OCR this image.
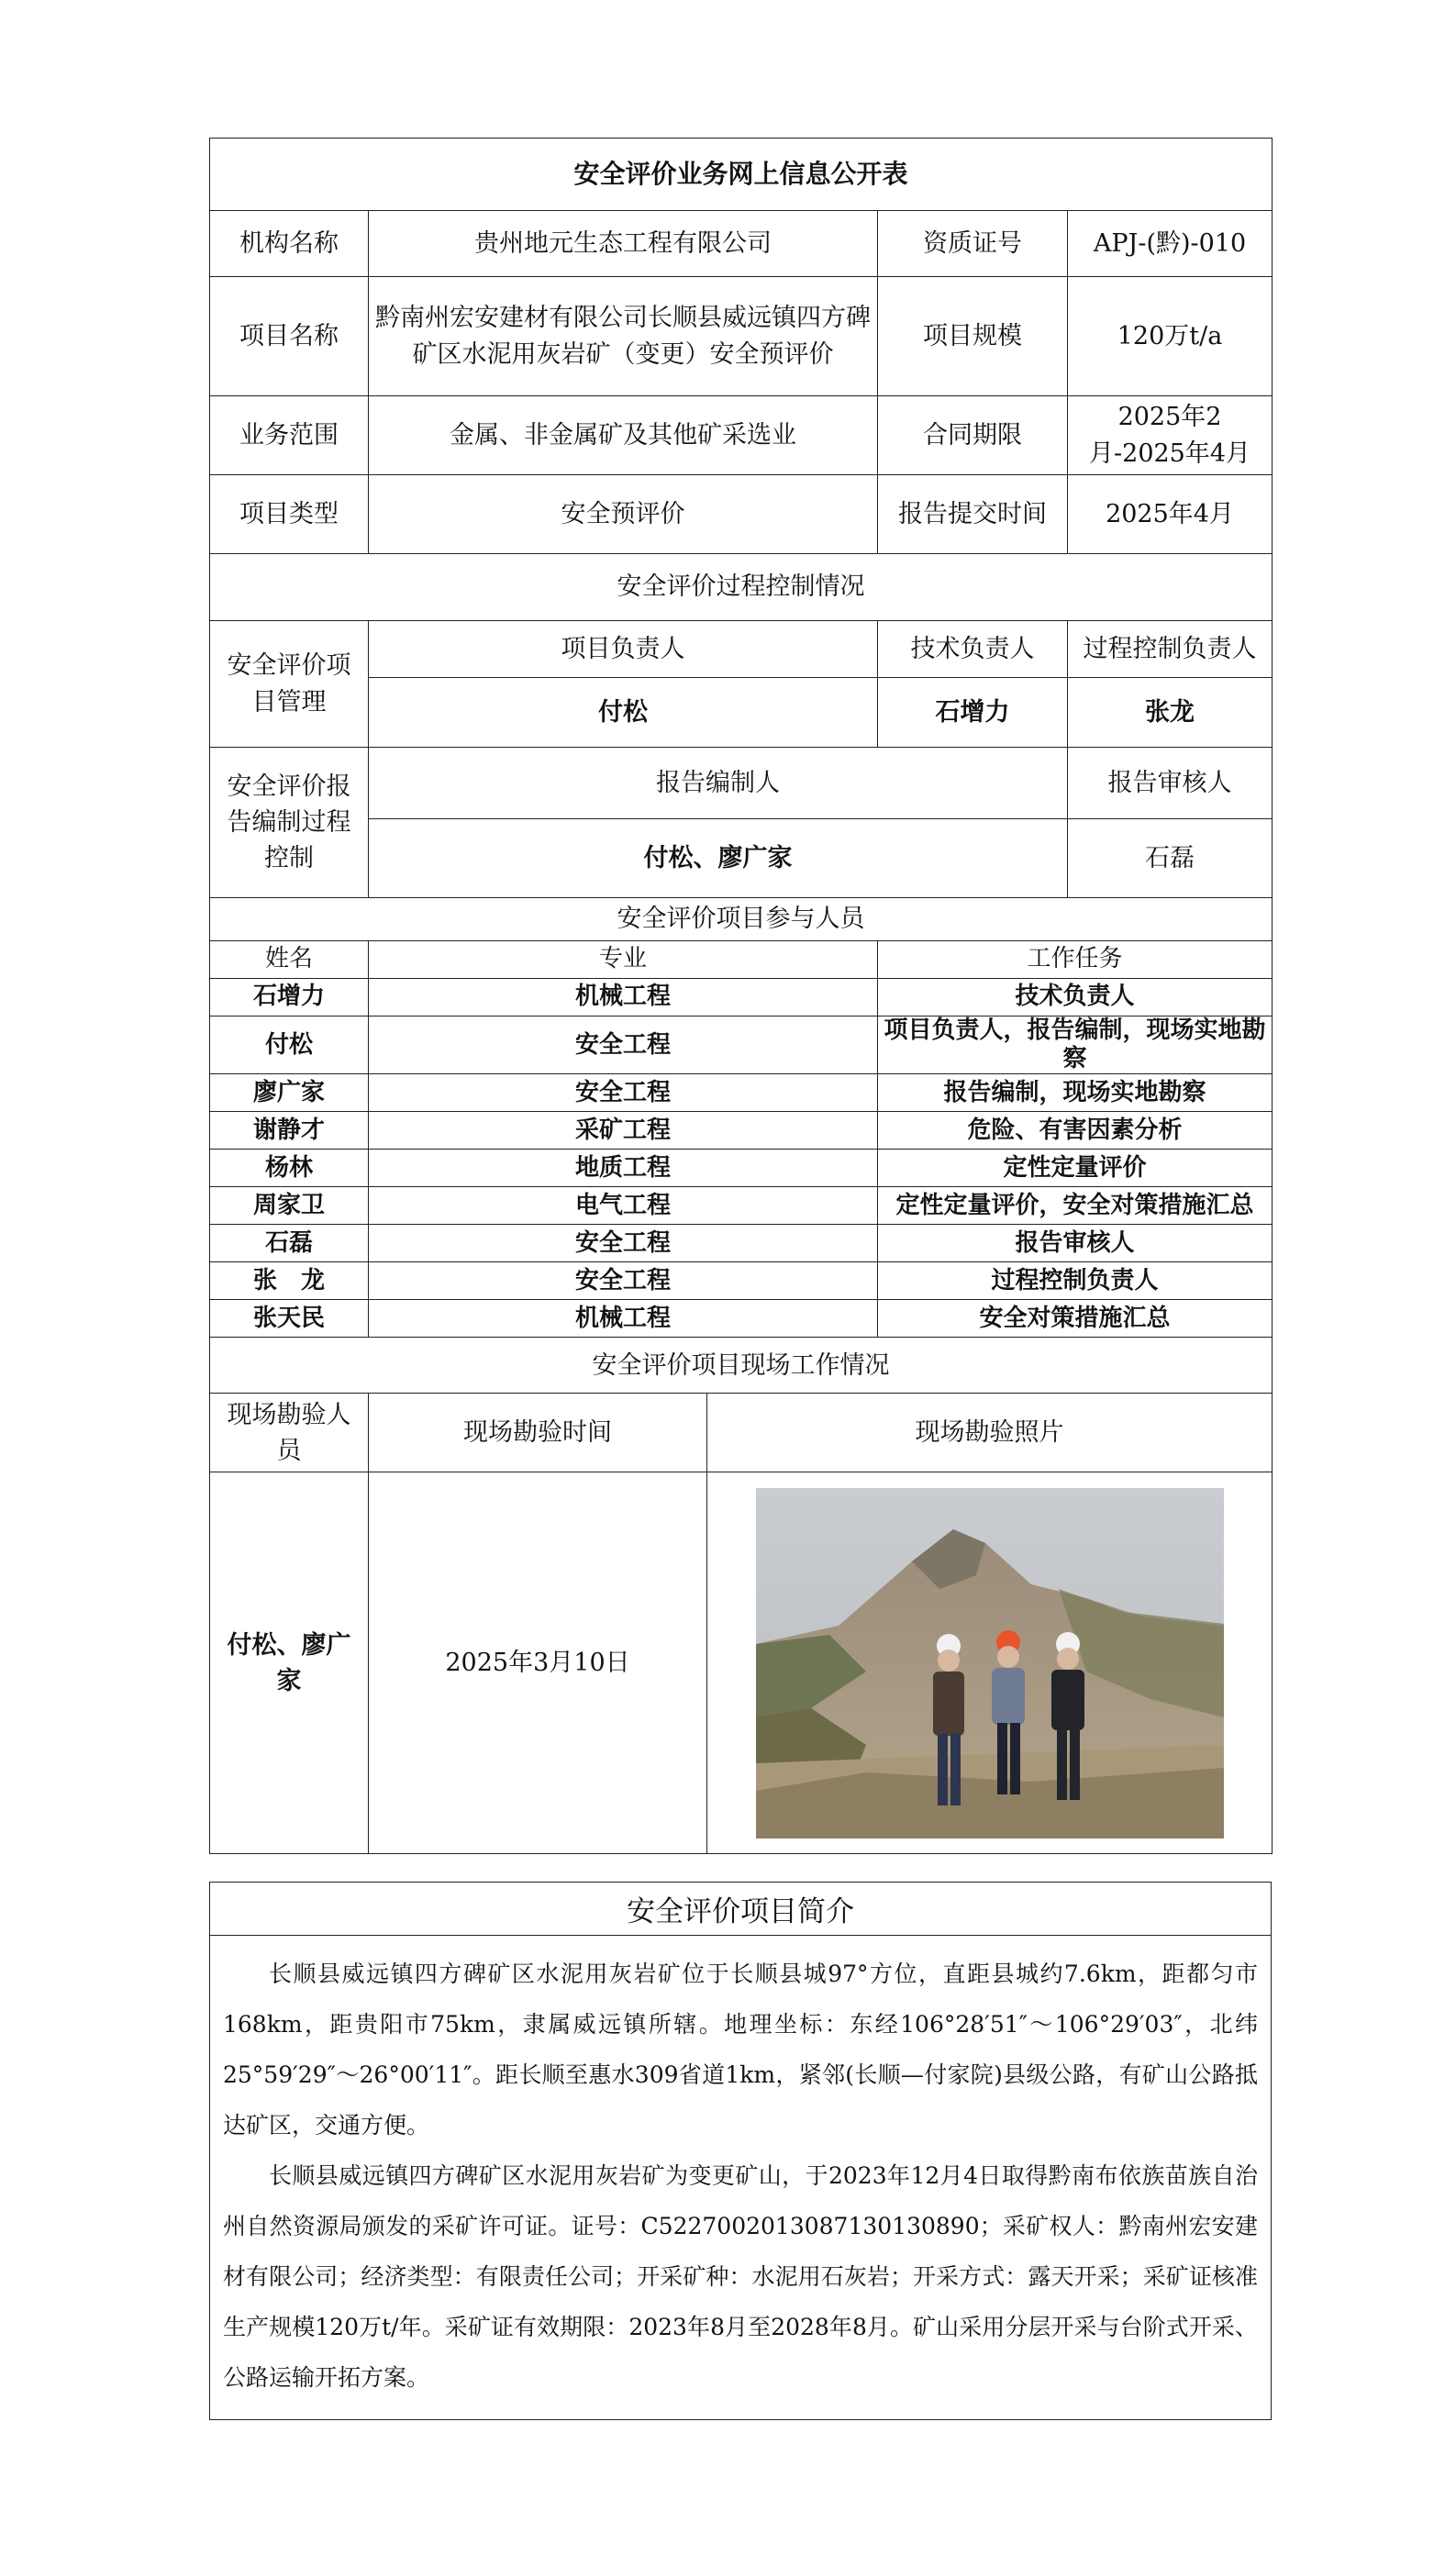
安全评价业务网上信息公开表				
机构名称	贵州地元生态工程有限公司		资质证号	APJ-(黔)-010
项目名称	黔南州宏安建材有限公司长顺县威远镇四方碑矿区水泥用灰岩矿（变更）安全预评价		项目规模	120万t/a
业务范围	金属、非金属矿及其他矿采选业		合同期限	2025年2月-2025年4月
项目类型	安全预评价		报告提交时间	2025年4月
安全评价过程控制情况				
安全评价项目管理	项目负责人		技术负责人	过程控制负责人
	付松		石增力	张龙
安全评价报告编制过程控制	报告编制人			报告审核人
	付松、廖广家			石磊
安全评价项目参与人员				
姓名	专业		工作任务	
石增力	机械工程		技术负责人	
付松	安全工程		项目负责人，报告编制，现场实地勘察	
廖广家	安全工程		报告编制，现场实地勘察	
谢静才	采矿工程		危险、有害因素分析	
杨林	地质工程		定性定量评价	
周家卫	电气工程		定性定量评价，安全对策措施汇总	
石磊	安全工程		报告审核人	
张　龙	安全工程		过程控制负责人	
张天民	机械工程		安全对策措施汇总	
安全评价项目现场工作情况				
现场勘验人员	现场勘验时间	现场勘验照片		
付松、廖广家	2025年3月10日	
安全评价项目简介

长顺县威远镇四方碑矿区水泥用灰岩矿位于长顺县城97°方位，直距县城约7.6km，距都匀市168km，距贵阳市75km，隶属威远镇所辖。地理坐标：东经106°28′51″～106°29′03″，北纬25°59′29″～26°00′11″。距长顺至惠水309省道1km，紧邻(长顺—付家院)县级公路，有矿山公路抵达矿区，交通方便。

长顺县威远镇四方碑矿区水泥用灰岩矿为变更矿山，于2023年12月4日取得黔南布依族苗族自治州自然资源局颁发的采矿许可证。证号：C5227002013087130130890；采矿权人：黔南州宏安建材有限公司；经济类型：有限责任公司；开采矿种：水泥用石灰岩；开采方式：露天开采；采矿证核准生产规模120万t/年。采矿证有效期限：2023年8月至2028年8月。矿山采用分层开采与台阶式开采、公路运输开拓方案。
